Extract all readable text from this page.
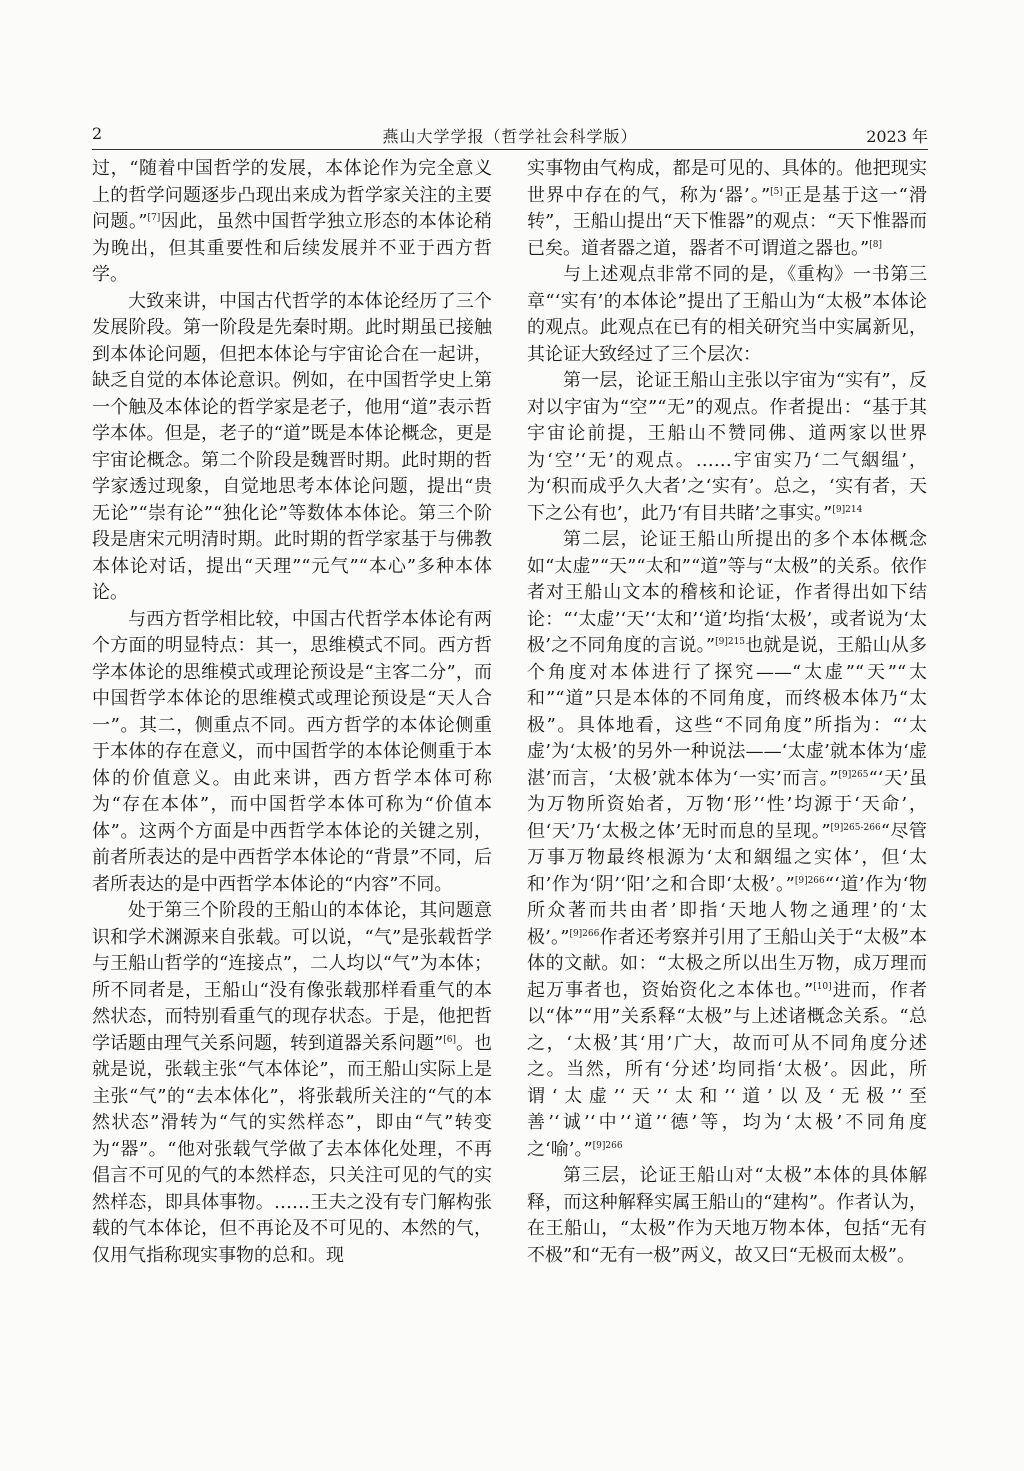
2	燕山大学学报（哲学社会科学版）	2023 年

过，“随着中国哲学的发展，本体论作为完全意义上的哲学问题逐步凸现出来成为哲学家关注的主要问题。”[7]因此，虽然中国哲学独立形态的本体论稍为晚出，但其重要性和后续发展并不亚于西方哲学。

大致来讲，中国古代哲学的本体论经历了三个发展阶段。第一阶段是先秦时期。此时期虽已接触到本体论问题，但把本体论与宇宙论合在一起讲，缺乏自觉的本体论意识。例如，在中国哲学史上第一个触及本体论的哲学家是老子，他用“道”表示哲学本体。但是，老子的“道”既是本体论概念，更是宇宙论概念。第二个阶段是魏晋时期。此时期的哲学家透过现象，自觉地思考本体论问题，提出“贵无论”“崇有论”“独化论”等数体本体论。第三个阶段是唐宋元明清时期。此时期的哲学家基于与佛教本体论对话，提出“天理”“元气”“本心”多种本体论。

与西方哲学相比较，中国古代哲学本体论有两个方面的明显特点：其一，思维模式不同。西方哲学本体论的思维模式或理论预设是“主客二分”，而中国哲学本体论的思维模式或理论预设是“天人合一”。其二，侧重点不同。西方哲学的本体论侧重于本体的存在意义，而中国哲学的本体论侧重于本体的价值意义。由此来讲，西方哲学本体可称为“存在本体”，而中国哲学本体可称为“价值本体”。这两个方面是中西哲学本体论的关键之别，前者所表达的是中西哲学本体论的“背景”不同，后者所表达的是中西哲学本体论的“内容”不同。

处于第三个阶段的王船山的本体论，其问题意识和学术渊源来自张载。可以说，“气”是张载哲学与王船山哲学的“连接点”，二人均以“气”为本体；所不同者是，王船山“没有像张载那样看重气的本然状态，而特别看重气的现存状态。于是，他把哲学话题由理气关系问题，转到道器关系问题”[6]。也就是说，张载主张“气本体论”，而王船山实际上是主张“气”的“去本体化”，将张载所关注的“气的本然状态”滑转为“气的实然样态”，即由“气”转变为“器”。“他对张载气学做了去本体化处理，不再倡言不可见的气的本然样态，只关注可见的气的实然样态，即具体事物。……王夫之没有专门解构张载的气本体论，但不再论及不可见的、本然的气，仅用气指称现实事物的总和。现

实事物由气构成，都是可见的、具体的。他把现实世界中存在的气，称为‘器’。”[5]正是基于这一“滑转”，王船山提出“天下惟器”的观点：“天下惟器而已矣。道者器之道，器者不可谓道之器也。”[8]

与上述观点非常不同的是，《重构》一书第三章“‘实有’的本体论”提出了王船山为“太极”本体论的观点。此观点在已有的相关研究当中实属新见，其论证大致经过了三个层次：

第一层，论证王船山主张以宇宙为“实有”，反对以宇宙为“空”“无”的观点。作者提出：“基于其宇宙论前提，王船山不赞同佛、道两家以世界为‘空’‘无’的观点。……宇宙实乃‘二气絪缊’，为‘积而成乎久大者’之‘实有’。总之，‘实有者，天下之公有也’，此乃‘有目共睹’之事实。”$^{[9]214}$

第二层，论证王船山所提出的多个本体概念如“太虚”“天”“太和”“道”等与“太极”的关系。依作者对王船山文本的稽核和论证，作者得出如下结论：“‘太虚’‘天’‘太和’‘道’均指‘太极’，或者说为‘太极’之不同角度的言说。”$^{[9]215}$也就是说，王船山从多个角度对本体进行了探究——“太虚”“天”“太和”“道”只是本体的不同角度，而终极本体乃“太极”。具体地看，这些“不同角度”所指为：“‘太虚’为‘太极’的另外一种说法——‘太虚’就本体为‘虚湛’而言，‘太极’就本体为‘一实’而言。”$^{[9]265}$“‘天’虽为万物所资始者，万物‘形’‘性’均源于‘天命’，但‘天’乃‘太极之体’无时而息的呈现。”$^{[9]265-266}$“尽管万事万物最终根源为‘太和絪缊之实体’，但‘太和’作为‘阴’‘阳’之和合即‘太极’。”$^{[9]266}$“‘道’作为‘物所众著而共由者’即指‘天地人物之通理’的‘太极’。”$^{[9]266}$作者还考察并引用了王船山关于“太极”本体的文献。如：“太极之所以出生万物，成万理而起万事者也，资始资化之本体也。”[10]进而，作者以“体”“用”关系释“太极”与上述诸概念关系。“总之，‘太极’其‘用’广大，故而可从不同角度分述之。当然，所有‘分述’均同指‘太极’。因此，所谓‘太虚’‘天’‘太和’‘道’以及‘无极’‘至善’‘诚’‘中’‘道’‘德’等，均为‘太极’不同角度之‘喻’。”$^{[9]266}$

第三层，论证王船山对“太极”本体的具体解释，而这种解释实属王船山的“建构”。作者认为，在王船山，“太极”作为天地万物本体，包括“无有不极”和“无有一极”两义，故又曰“无极而太极”。
